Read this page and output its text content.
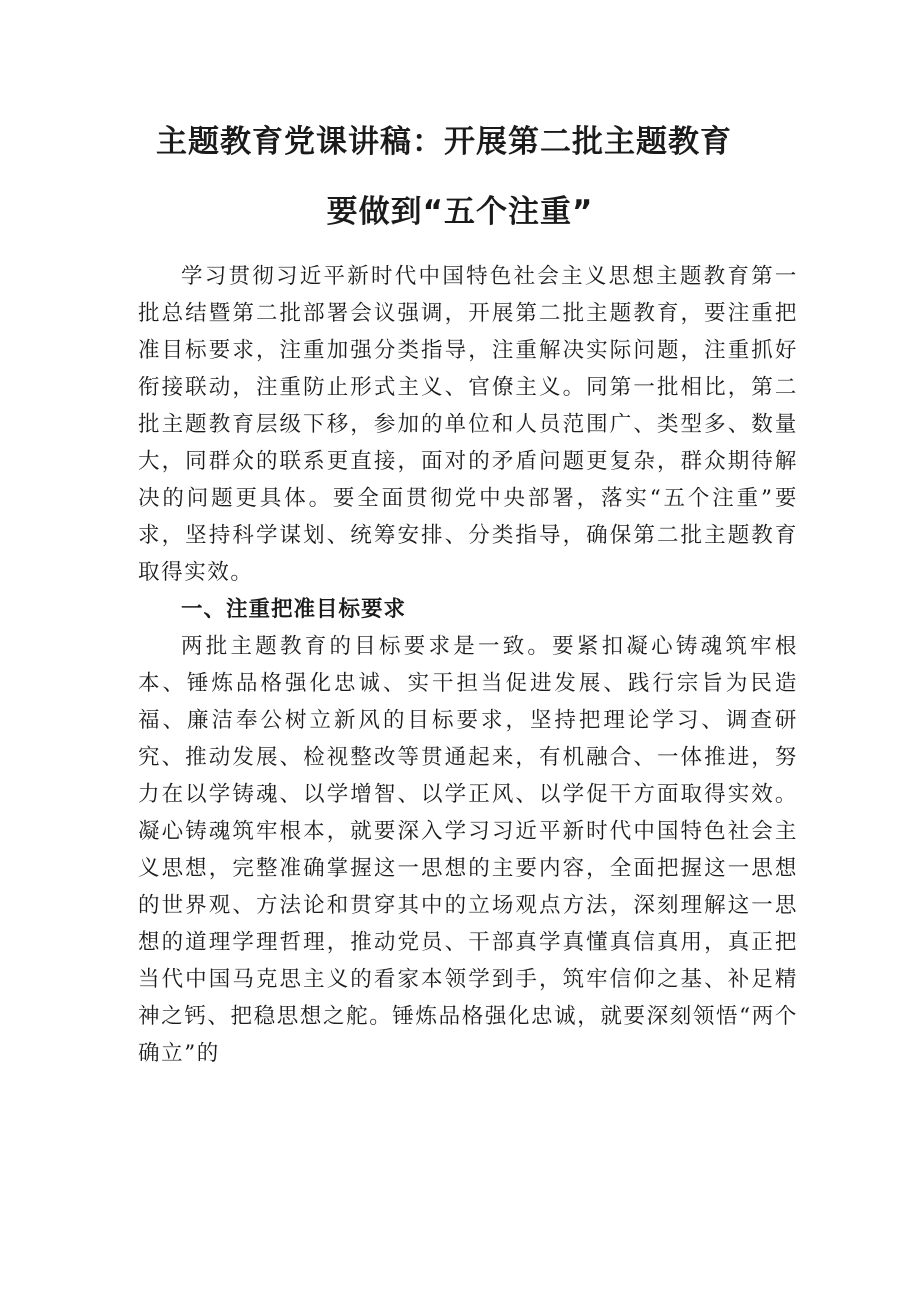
主题教育党课讲稿：开展第二批主题教育
要做到“五个注重”

学习贯彻习近平新时代中国特色社会主义思想主题教育第一批总结暨第二批部署会议强调，开展第二批主题教育，要注重把准目标要求，注重加强分类指导，注重解决实际问题，注重抓好衔接联动，注重防止形式主义、官僚主义。同第一批相比，第二批主题教育层级下移，参加的单位和人员范围广、类型多、数量大，同群众的联系更直接，面对的矛盾问题更复杂，群众期待解决的问题更具体。要全面贯彻党中央部署，落实“五个注重”要求，坚持科学谋划、统筹安排、分类指导，确保第二批主题教育取得实效。

一、注重把准目标要求

两批主题教育的目标要求是一致。要紧扣凝心铸魂筑牢根本、锤炼品格强化忠诚、实干担当促进发展、践行宗旨为民造福、廉洁奉公树立新风的目标要求，坚持把理论学习、调查研究、推动发展、检视整改等贯通起来，有机融合、一体推进，努力在以学铸魂、以学增智、以学正风、以学促干方面取得实效。凝心铸魂筑牢根本，就要深入学习习近平新时代中国特色社会主义思想，完整准确掌握这一思想的主要内容，全面把握这一思想的世界观、方法论和贯穿其中的立场观点方法，深刻理解这一思想的道理学理哲理，推动党员、干部真学真懂真信真用，真正把当代中国马克思主义的看家本领学到手，筑牢信仰之基、补足精神之钙、把稳思想之舵。锤炼品格强化忠诚，就要深刻领悟“两个确立”的
